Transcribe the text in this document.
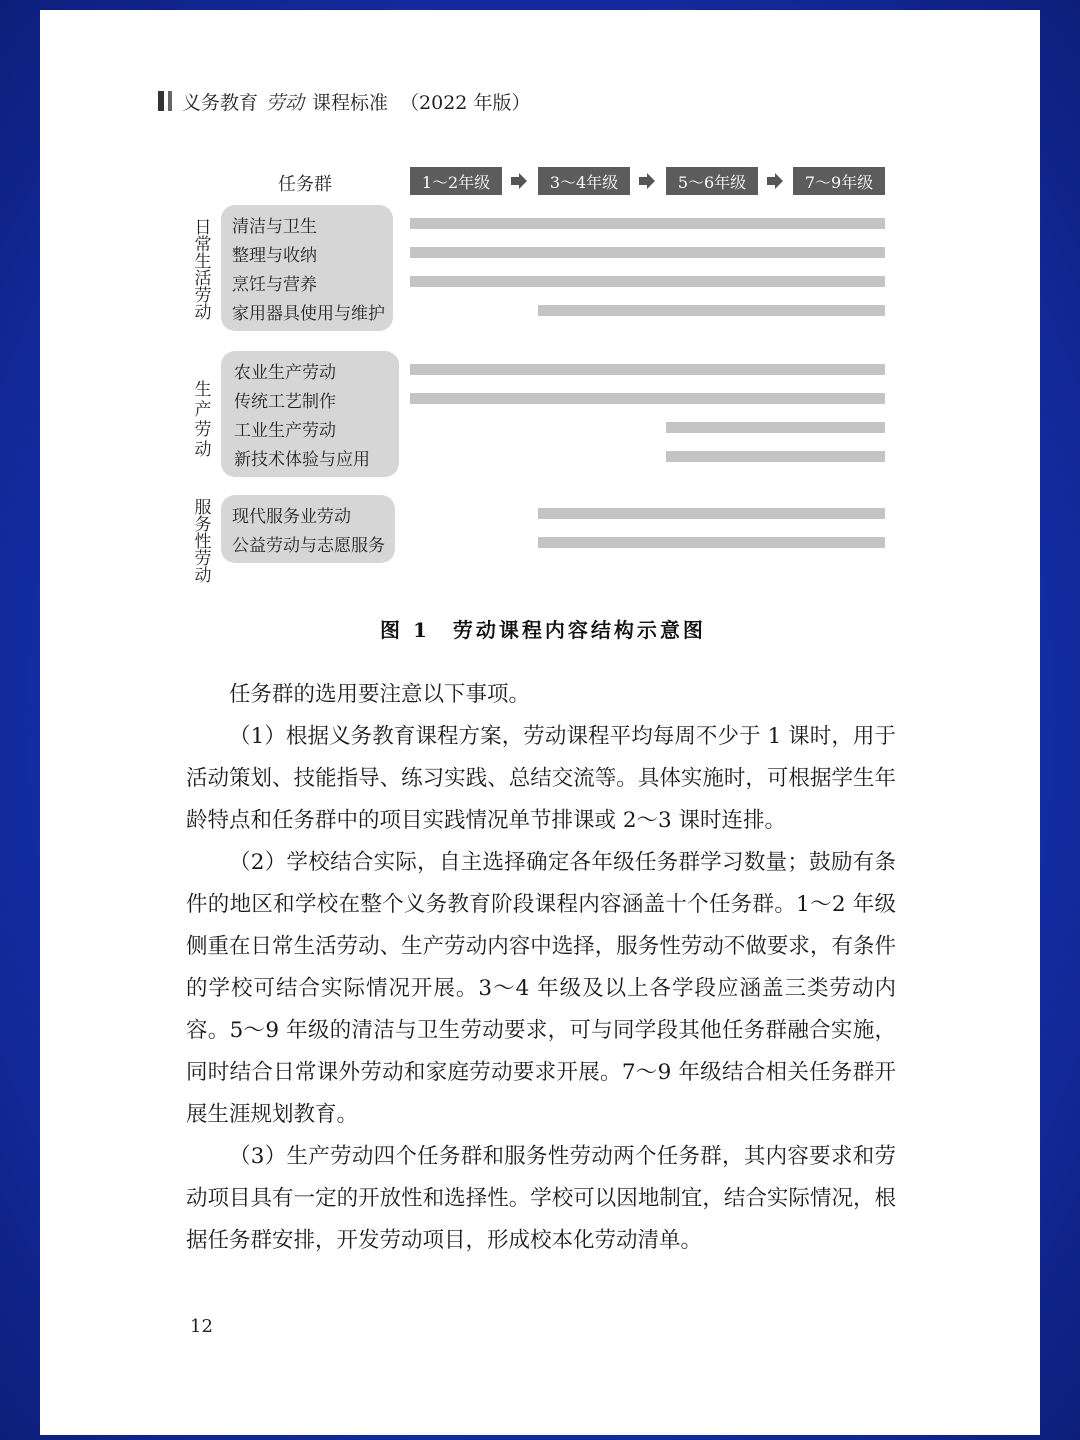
义务教育 劳动 课程标准 （2022 年版）
任务群	1～2年级	3～4年级	5～6年级	7～9年级
日
常
生
活
劳
动
清洁与卫生
整理与收纳
烹饪与营养
家用器具使用与维护
生
产
劳
动
农业生产劳动
传统工艺制作
工业生产劳动
新技术体验与应用
服
务
性
劳
动
现代服务业劳动
公益劳动与志愿服务
图 1　劳动课程内容结构示意图

任务群的选用要注意以下事项。

（1）根据义务教育课程方案，劳动课程平均每周不少于 1 课时，用于活动策划、技能指导、练习实践、总结交流等。具体实施时，可根据学生年龄特点和任务群中的项目实践情况单节排课或 2～3 课时连排。

（2）学校结合实际，自主选择确定各年级任务群学习数量；鼓励有条件的地区和学校在整个义务教育阶段课程内容涵盖十个任务群。1～2 年级侧重在日常生活劳动、生产劳动内容中选择，服务性劳动不做要求，有条件的学校可结合实际情况开展。3～4 年级及以上各学段应涵盖三类劳动内容。5～9 年级的清洁与卫生劳动要求，可与同学段其他任务群融合实施，同时结合日常课外劳动和家庭劳动要求开展。7～9 年级结合相关任务群开展生涯规划教育。

（3）生产劳动四个任务群和服务性劳动两个任务群，其内容要求和劳动项目具有一定的开放性和选择性。学校可以因地制宜，结合实际情况，根据任务群安排，开发劳动项目，形成校本化劳动清单。

12
